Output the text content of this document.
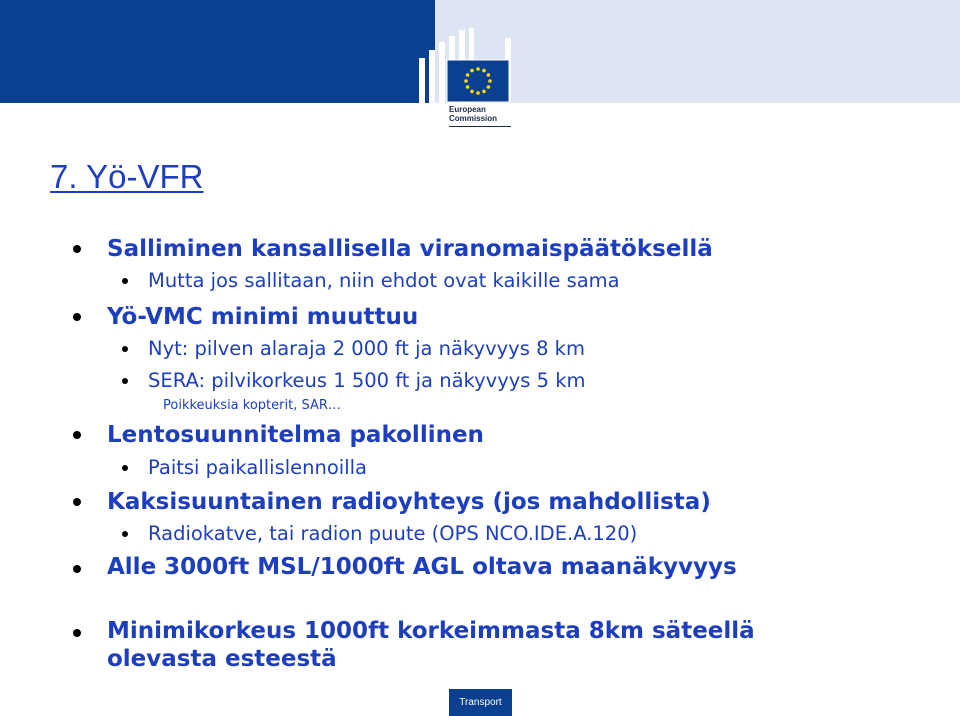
European
Commission
7. Yö-VFR
Salliminen kansallisella viranomaispäätöksellä
Mutta jos sallitaan, niin ehdot ovat kaikille sama
Yö-VMC minimi muuttuu
Nyt: pilven alaraja 2 000 ft ja näkyvyys 8 km
SERA: pilvikorkeus 1 500 ft ja näkyvyys 5 km
Poikkeuksia kopterit, SAR…
Lentosuunnitelma pakollinen
Paitsi paikallislennoilla
Kaksisuuntainen radioyhteys (jos mahdollista)
Radiokatve, tai radion puute (OPS NCO.IDE.A.120)
Alle 3000ft MSL/1000ft AGL oltava maanäkyvyys
Minimikorkeus 1000ft korkeimmasta 8km säteellä
olevasta esteestä
Transport
